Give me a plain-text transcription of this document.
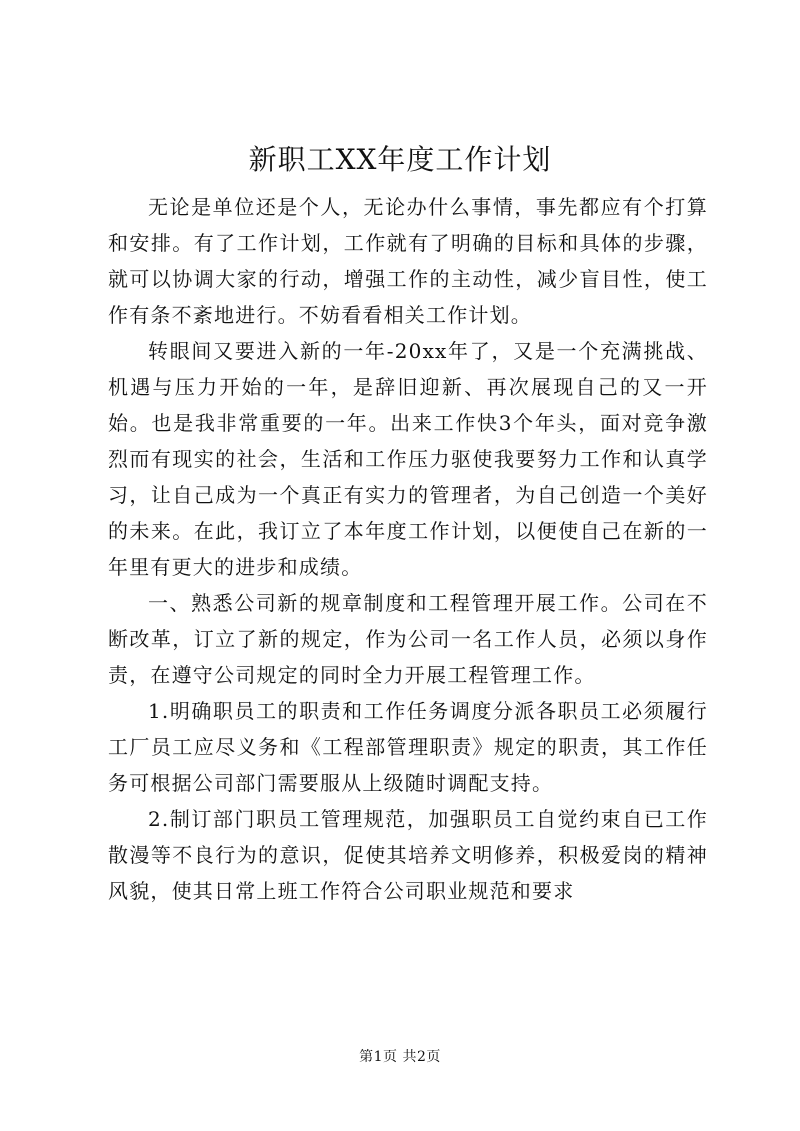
新职工XX年度工作计划

无论是单位还是个人，无论办什么事情，事先都应有个打算和安排。有了工作计划，工作就有了明确的目标和具体的步骤，就可以协调大家的行动，增强工作的主动性，减少盲目性，使工作有条不紊地进行。不妨看看相关工作计划。

转眼间又要进入新的一年-20xx年了，又是一个充满挑战、机遇与压力开始的一年，是辞旧迎新、再次展现自己的又一开始。也是我非常重要的一年。出来工作快3个年头，面对竞争激烈而有现实的社会，生活和工作压力驱使我要努力工作和认真学习，让自己成为一个真正有实力的管理者，为自己创造一个美好的未来。在此，我订立了本年度工作计划，以便使自己在新的一年里有更大的进步和成绩。

一、熟悉公司新的规章制度和工程管理开展工作。公司在不断改革，订立了新的规定，作为公司一名工作人员，必须以身作责，在遵守公司规定的同时全力开展工程管理工作。

1.明确职员工的职责和工作任务调度分派各职员工必须履行工厂员工应尽义务和《工程部管理职责》规定的职责，其工作任务可根据公司部门需要服从上级随时调配支持。

2.制订部门职员工管理规范，加强职员工自觉约束自已工作散漫等不良行为的意识，促使其培养文明修养，积极爱岗的精神风貌，使其日常上班工作符合公司职业规范和要求

第1页 共2页
